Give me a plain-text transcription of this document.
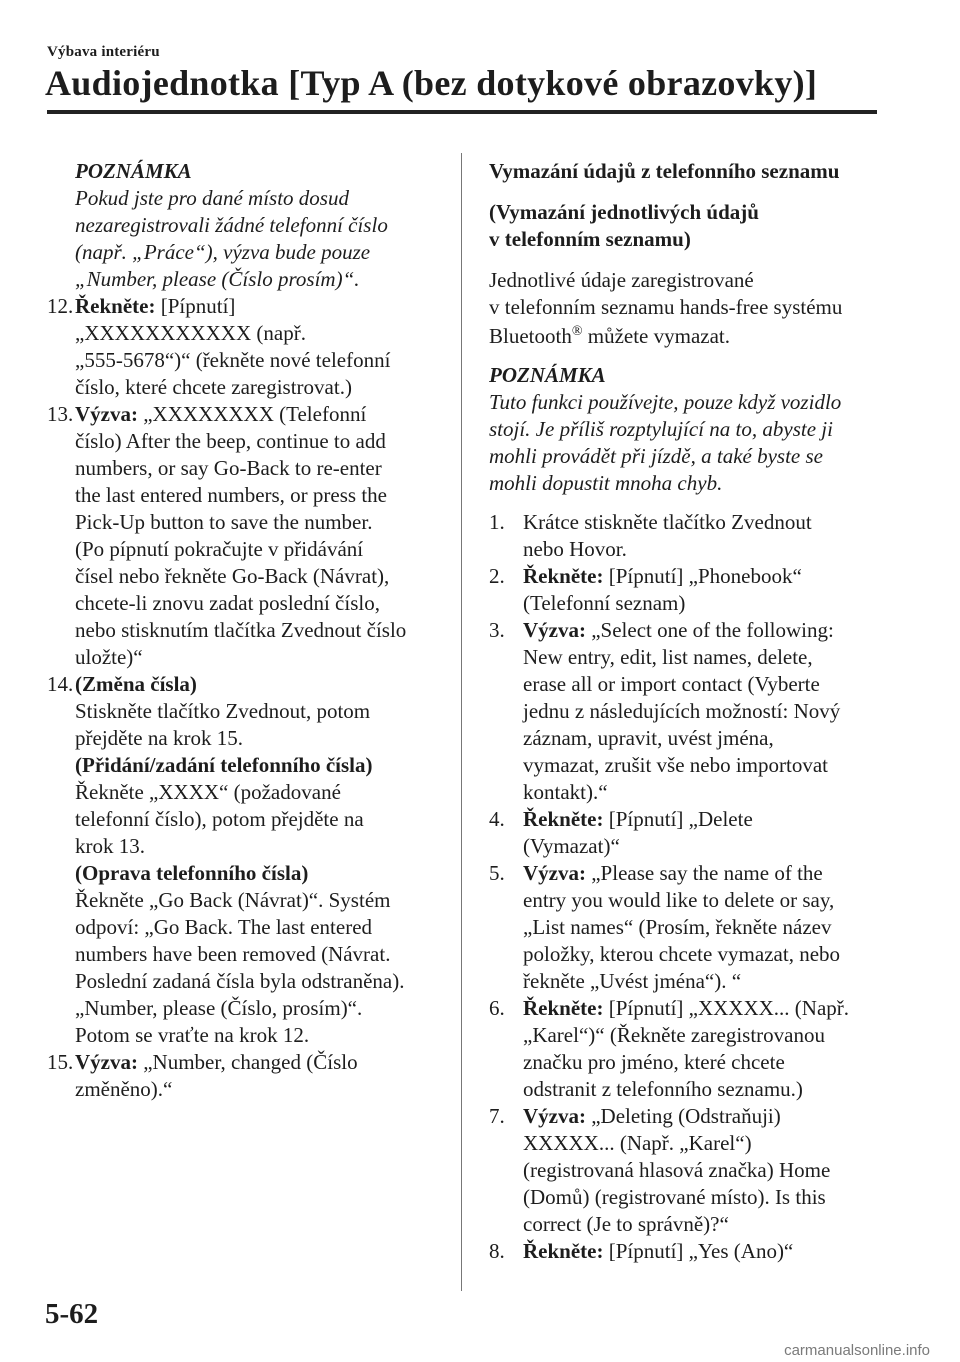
Výbava interiéru
Audiojednotka [Typ A (bez dotykové obrazovky)]

POZNÁMKA

Pokud jste pro dané místo dosud

nezaregistrovali žádné telefonní číslo

(např. „Práce“), výzva bude pouze

„Number, please (Číslo prosím)“.

12. Řekněte: [Pípnutí]

„XXXXXXXXXXX (např.

„555-5678“)“ (řekněte nové telefonní

číslo, které chcete zaregistrovat.)

13. Výzva: „XXXXXXXX (Telefonní

číslo) After the beep, continue to add

numbers, or say Go-Back to re-enter

the last entered numbers, or press the

Pick-Up button to save the number.

(Po pípnutí pokračujte v přidávání

čísel nebo řekněte Go-Back (Návrat),

chcete-li znovu zadat poslední číslo,

nebo stisknutím tlačítka Zvednout číslo

uložte)“

14. (Změna čísla)

Stiskněte tlačítko Zvednout, potom

přejděte na krok 15.

(Přidání/zadání telefonního čísla)

Řekněte „XXXX“ (požadované

telefonní číslo), potom přejděte na

krok 13.

(Oprava telefonního čísla)

Řekněte „Go Back (Návrat)“. Systém

odpoví: „Go Back. The last entered

numbers have been removed (Návrat.

Poslední zadaná čísla byla odstraněna).

„Number, please (Číslo, prosím)“.

Potom se vraťte na krok 12.

15. Výzva: „Number, changed (Číslo

změněno).“

Vymazání údajů z telefonního seznamu

(Vymazání jednotlivých údajů

v telefonním seznamu)

Jednotlivé údaje zaregistrované

v telefonním seznamu hands-free systému

Bluetooth® můžete vymazat.

POZNÁMKA

Tuto funkci používejte, pouze když vozidlo

stojí. Je příliš rozptylující na to, abyste ji

mohli provádět při jízdě, a také byste se

mohli dopustit mnoha chyb.

1. Krátce stiskněte tlačítko Zvednout

nebo Hovor.

2. Řekněte: [Pípnutí] „Phonebook“

(Telefonní seznam)

3. Výzva: „Select one of the following:

New entry, edit, list names, delete,

erase all or import contact (Vyberte

jednu z následujících možností: Nový

záznam, upravit, uvést jména,

vymazat, zrušit vše nebo importovat

kontakt).“

4. Řekněte: [Pípnutí] „Delete

(Vymazat)“

5. Výzva: „Please say the name of the

entry you would like to delete or say,

„List names“ (Prosím, řekněte název

položky, kterou chcete vymazat, nebo

řekněte „Uvést jména“). “

6. Řekněte: [Pípnutí] „XXXXX... (Např.

„Karel“)“ (Řekněte zaregistrovanou

značku pro jméno, které chcete

odstranit z telefonního seznamu.)

7. Výzva: „Deleting (Odstraňuji)

XXXXX... (Např. „Karel“)

(registrovaná hlasová značka) Home

(Domů) (registrované místo). Is this

correct (Je to správně)?“

8. Řekněte: [Pípnutí] „Yes (Ano)“

5-62
carmanualsonline.info
